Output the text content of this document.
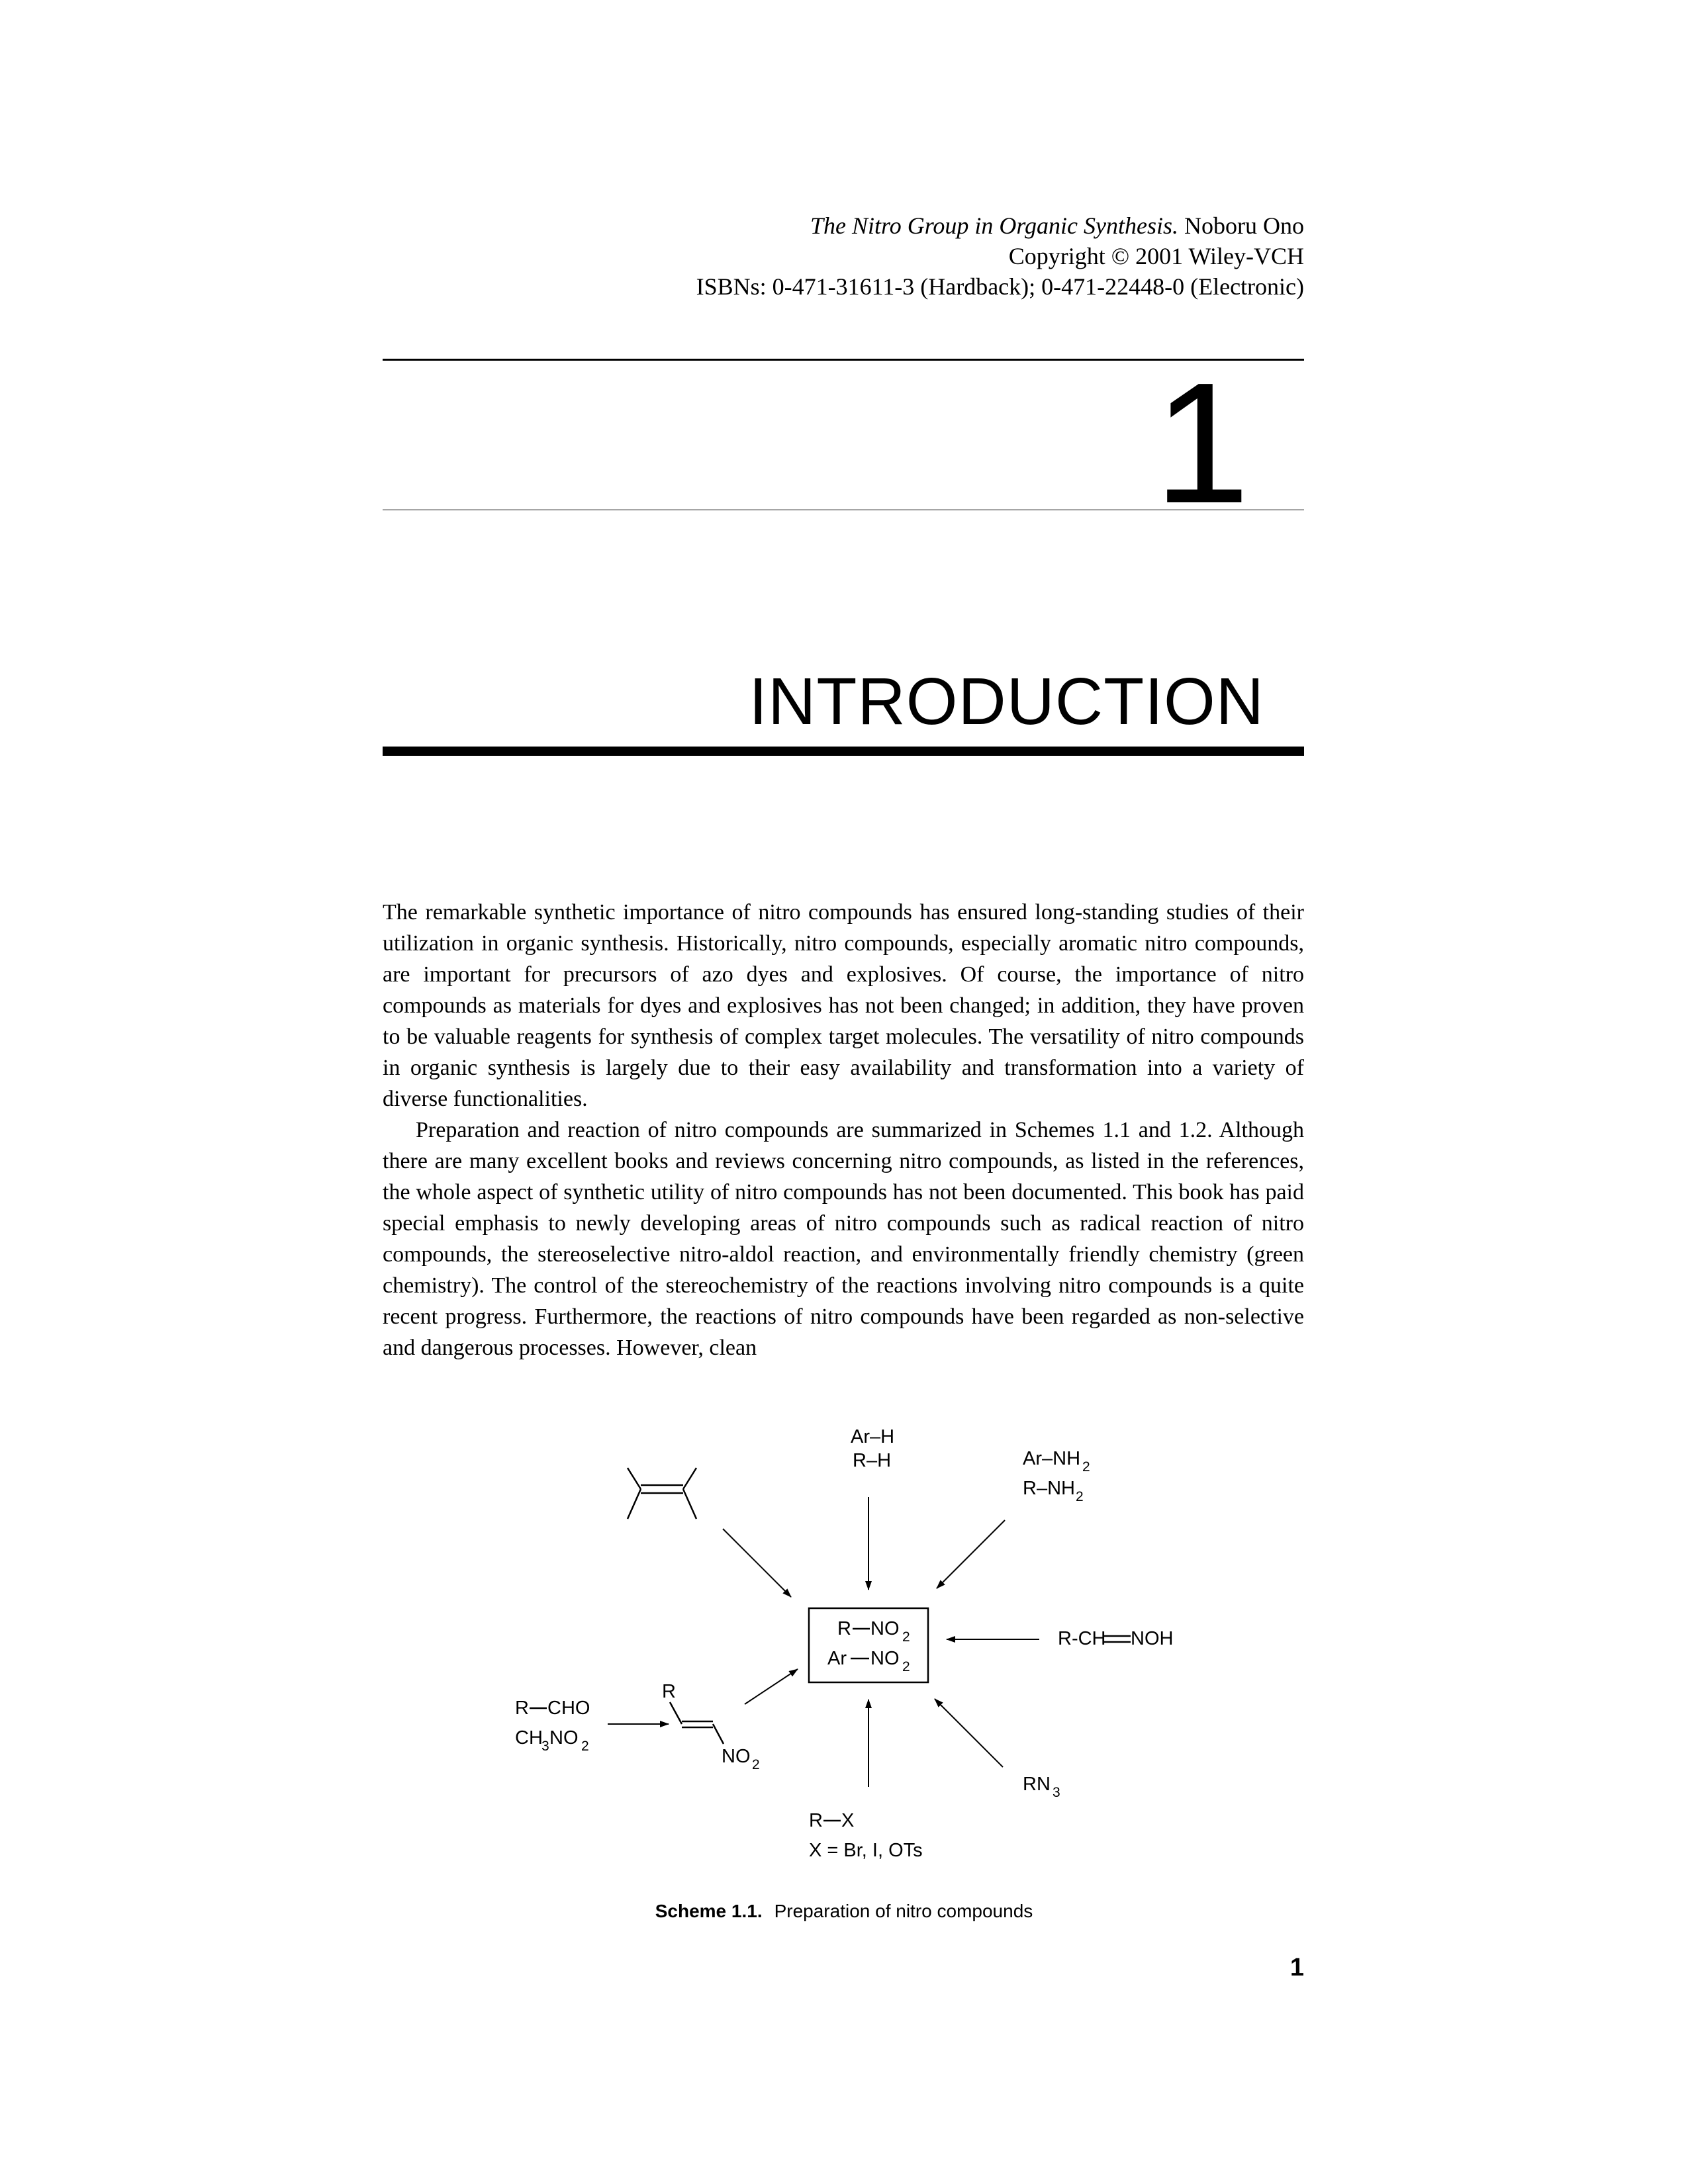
The Nitro Group in Organic Synthesis. Noboru Ono
Copyright © 2001 Wiley-VCH
ISBNs: 0-471-31611-3 (Hardback); 0-471-22448-0 (Electronic)
1
INTRODUCTION

The remarkable synthetic importance of nitro compounds has ensured long-standing studies of their utilization in organic synthesis. Historically, nitro compounds, especially aromatic nitro compounds, are important for precursors of azo dyes and explosives. Of course, the importance of nitro compounds as materials for dyes and explosives has not been changed; in addition, they have proven to be valuable reagents for synthesis of complex target molecules. The versatility of nitro compounds in organic synthesis is largely due to their easy availability and transformation into a variety of diverse functionalities.

Preparation and reaction of nitro compounds are summarized in Schemes 1.1 and 1.2. Although there are many excellent books and reviews concerning nitro compounds, as listed in the references, the whole aspect of synthetic utility of nitro compounds has not been documented. This book has paid special emphasis to newly developing areas of nitro compounds such as radical reaction of nitro compounds, the stereoselective nitro-aldol reaction, and environmentally friendly chemistry (green chemistry). The control of the stereochemistry of the reactions involving nitro compounds is a quite recent progress. Furthermore, the reactions of nitro compounds have been regarded as non-selective and dangerous processes. However, clean

R NO 2
Ar NO 2
Ar–H
R–H	Ar–NH 2
R–NH 2
R-CH NOH
RN 3
R X
X = Br, I, OTs
R CHO
CH
3 NO 2
R
NO 2
Scheme 1.1. Preparation of nitro compounds
1
